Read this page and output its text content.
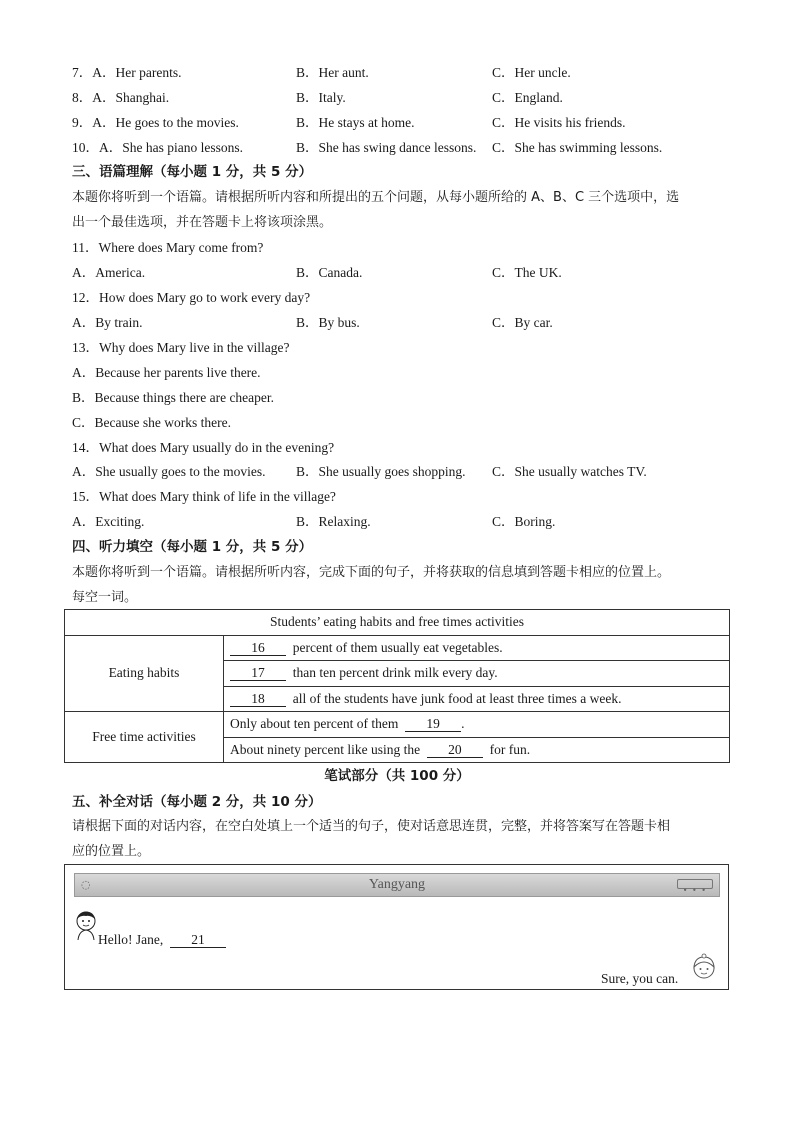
7．A．Her parents.	B．Her aunt.	C．Her uncle.
8．A．Shanghai.	B．Italy.	C．England.
9．A．He goes to the movies.	B．He stays at home.	C．He visits his friends.
10．A．She has piano lessons.	B．She has swing dance lessons. C．She has swimming lessons.
三、语篇理解（每小题 1 分，共 5 分）
本题你将听到一个语篇。请根据所听内容和所提出的五个问题，从每小题所给的 A、B、C 三个选项中，选
出一个最佳选项，并在答题卡上将该项涂黑。
11．Where does Mary come from?
A．America.	B．Canada.	C．The UK.
12．How does Mary go to work every day?
A．By train.	B．By bus.	C．By car.
13．Why does Mary live in the village?
A．Because her parents live there.
B．Because things there are cheaper.
C．Because she works there.
14．What does Mary usually do in the evening?
A．She usually goes to the movies. B．She usually goes shopping. C．She usually watches TV.
15．What does Mary think of life in the village?
A．Exciting.	B．Relaxing.	C．Boring.
四、听力填空（每小题 1 分，共 5 分）
本题你将听到一个语篇。请根据所听内容，完成下面的句子，并将获取的信息填到答题卡相应的位置上。
每空一词。
Students’ eating habits and free times activities	
Eating habits	16 percent of them usually eat vegetables.
	17 than ten percent drink milk every day.
	18 all of the students have junk food at least three times a week.
Free time activities	Only about ten percent of them 19 .
	About ninety percent like using the 20 for fun.
笔试部分（共 100 分）
五、补全对话（每小题 2 分，共 10 分）
请根据下面的对话内容，在空白处填上一个适当的句子，使对话意思连贯，完整，并将答案写在答题卡相
应的位置上。
◌	Yangyang	• • •
Hello! Jane, 21
Sure, you can.
